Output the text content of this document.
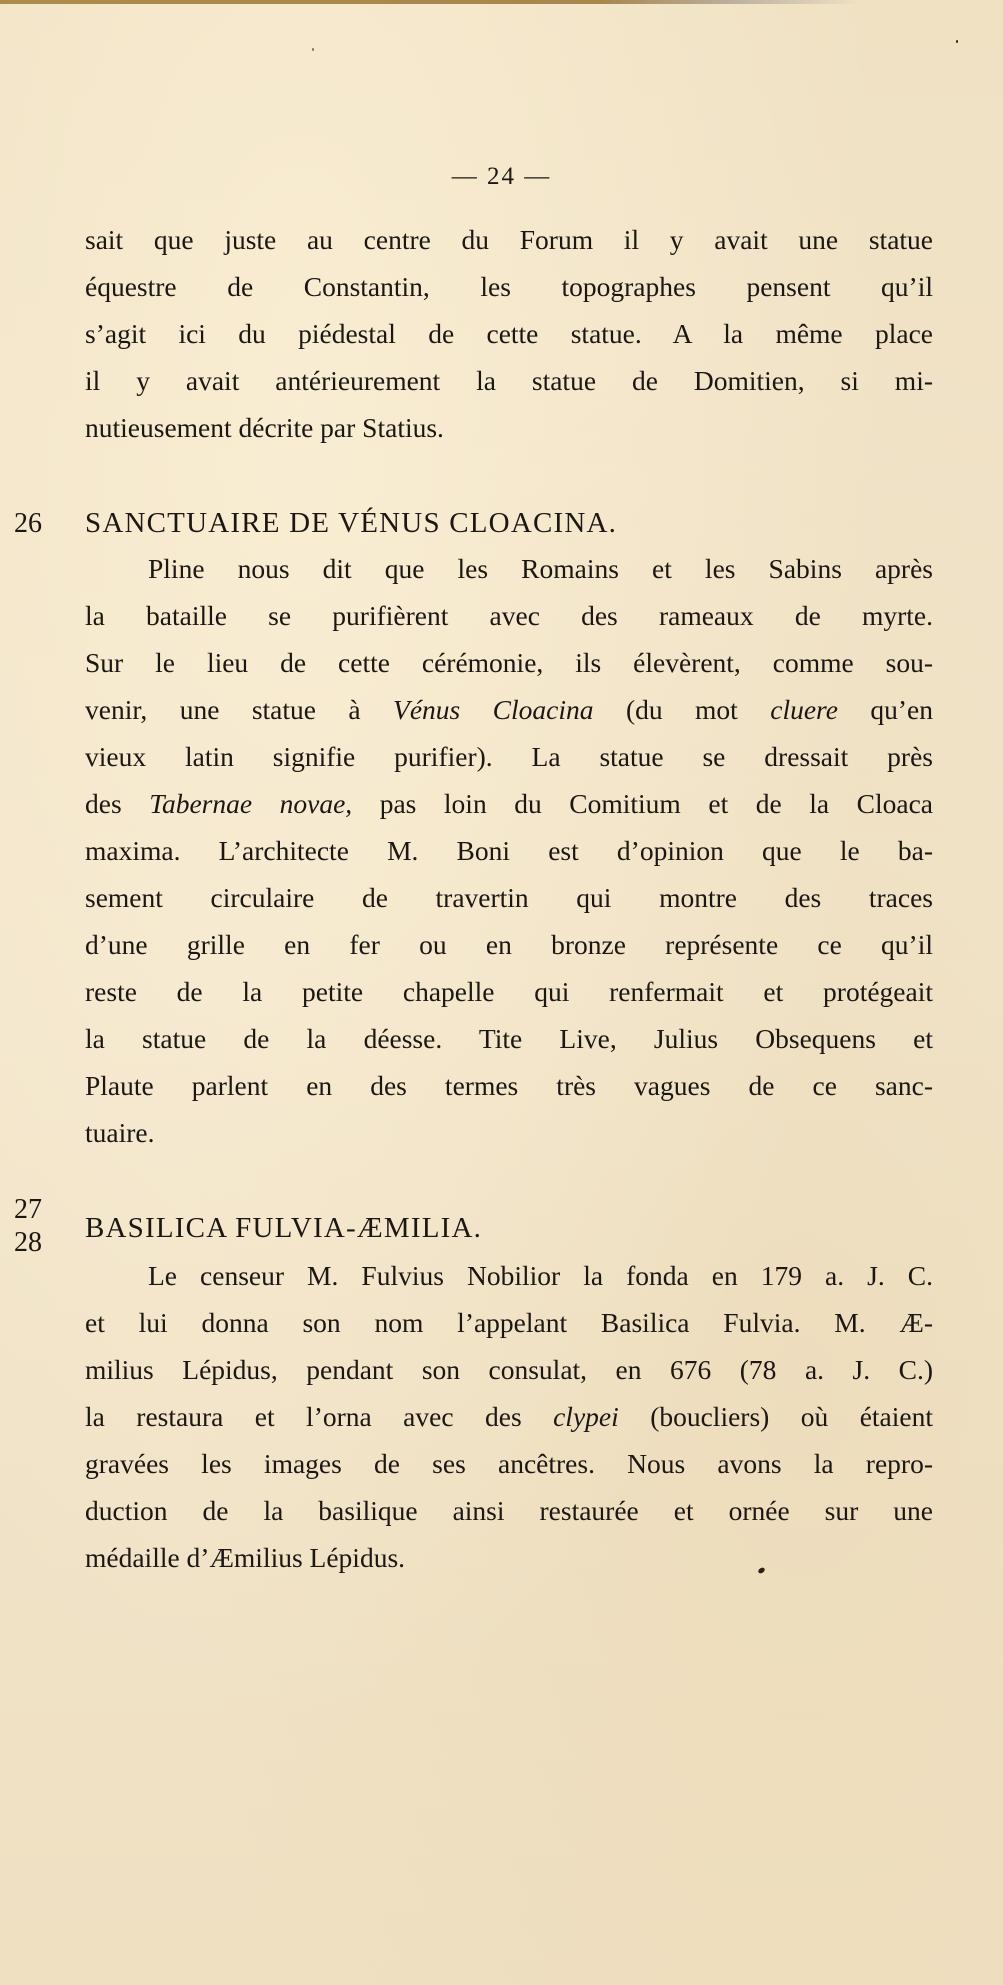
— 24 —
sait que juste au centre du Forum il y avait une statue
équestre de Constantin, les topographes pensent qu’il
s’agit ici du piédestal de cette statue. A la même place
il y avait antérieurement la statue de Domitien, si mi-
nutieusement décrite par Statius.
26 SANCTUAIRE DE VÉNUS CLOACINA.
Pline nous dit que les Romains et les Sabins après
la bataille se purifièrent avec des rameaux de myrte.
Sur le lieu de cette cérémonie, ils élevèrent, comme sou-
venir, une statue à Vénus Cloacina (du mot cluere qu’en
vieux latin signifie purifier). La statue se dressait près
des Tabernae novae, pas loin du Comitium et de la Cloaca
maxima. L’architecte M. Boni est d’opinion que le ba-
sement circulaire de travertin qui montre des traces
d’une grille en fer ou en bronze représente ce qu’il
reste de la petite chapelle qui renfermait et protégeait
la statue de la déesse. Tite Live, Julius Obsequens et
Plaute parlent en des termes très vagues de ce sanc-
tuaire.
27
28 BASILICA FULVIA-ÆMILIA.
Le censeur M. Fulvius Nobilior la fonda en 179 a. J. C.
et lui donna son nom l’appelant Basilica Fulvia. M. Æ-
milius Lépidus, pendant son consulat, en 676 (78 a. J. C.)
la restaura et l’orna avec des clypei (boucliers) où étaient
gravées les images de ses ancêtres. Nous avons la repro-
duction de la basilique ainsi restaurée et ornée sur une
médaille d’Æmilius Lépidus.
